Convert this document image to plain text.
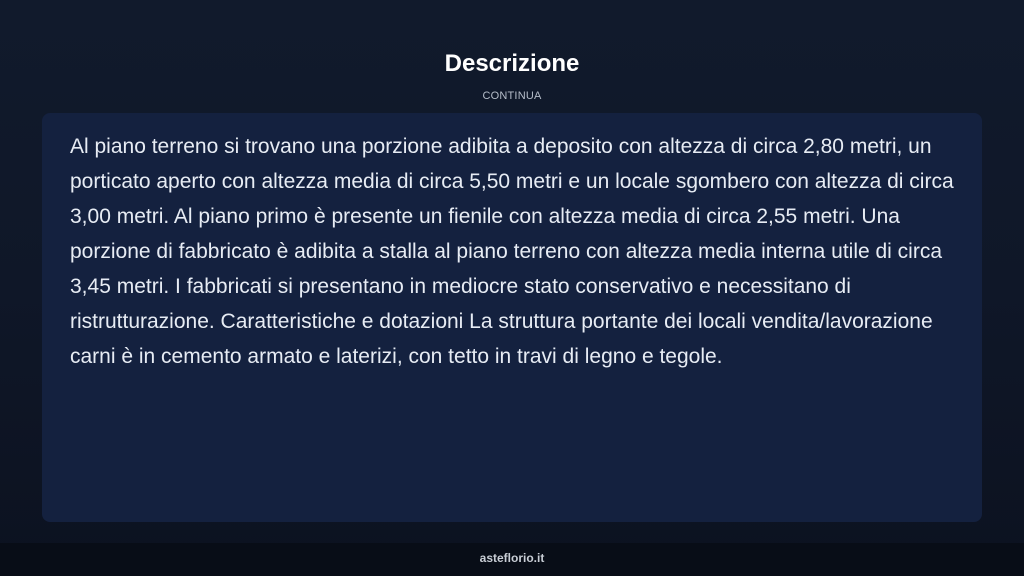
Descrizione
CONTINUA

Al piano terreno si trovano una porzione adibita a deposito con altezza di circa 2,80 metri, un porticato aperto con altezza media di circa 5,50 metri e un locale sgombero con altezza di circa 3,00 metri. Al piano primo è presente un fienile con altezza media di circa 2,55 metri. Una porzione di fabbricato è adibita a stalla al piano terreno con altezza media interna utile di circa 3,45 metri. I fabbricati si presentano in mediocre stato conservativo e necessitano di ristrutturazione. Caratteristiche e dotazioni La struttura portante dei locali vendita/lavorazione carni è in cemento armato e laterizi, con tetto in travi di legno e tegole.

asteflorio.it
